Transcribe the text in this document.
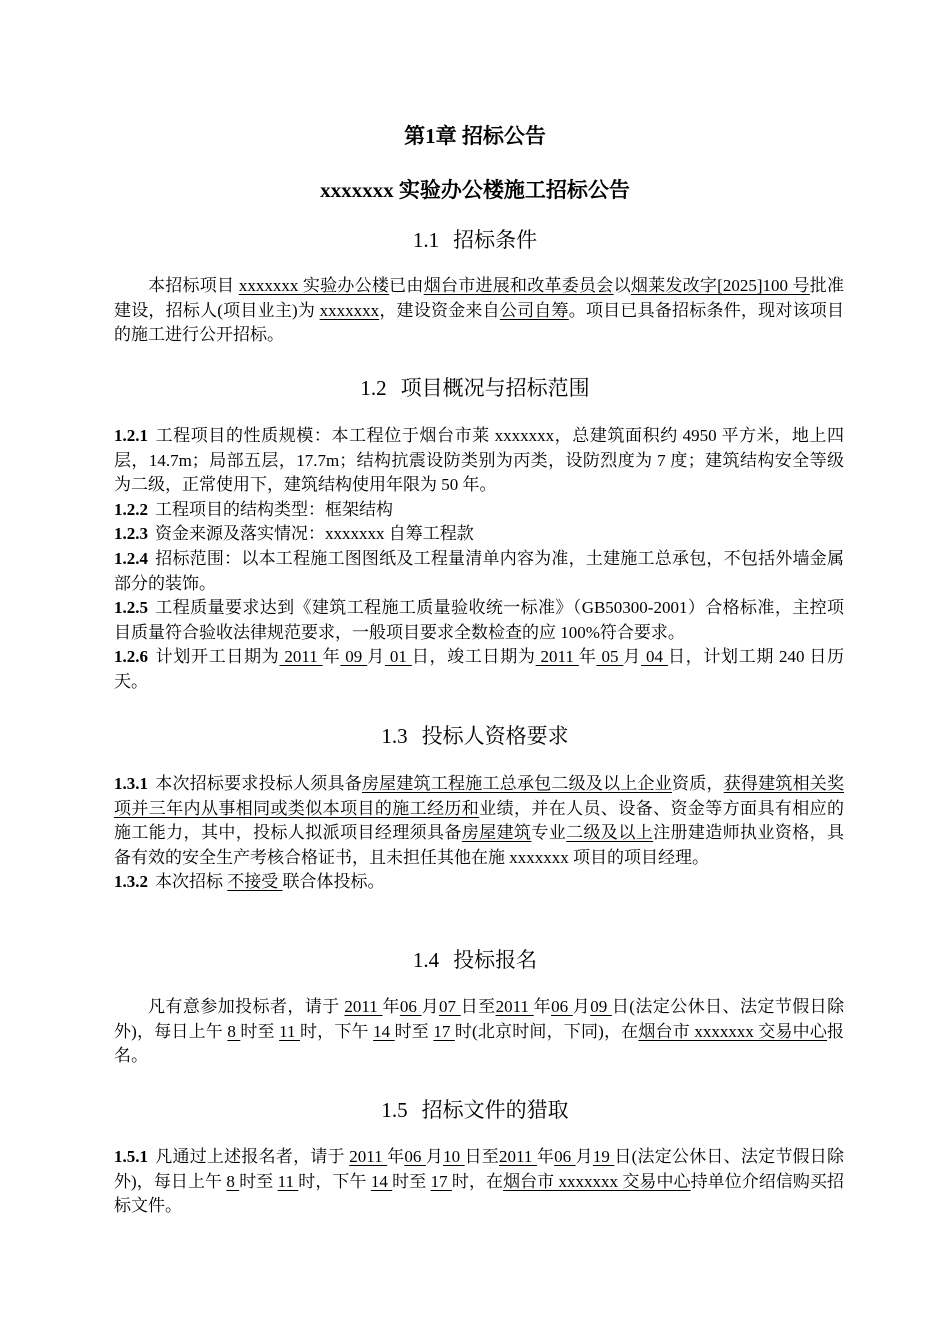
第1章 招标公告
xxxxxxx 实验办公楼施工招标公告
1.1 招标条件
本招标项目 xxxxxxx 实验办公楼已由烟台市进展和改革委员会以烟莱发改字[2025]100 号批准建设，招标人(项目业主)为 xxxxxxx，建设资金来自公司自筹。项目已具备招标条件，现对该项目的施工进行公开招标。
1.2 项目概况与招标范围
1.2.1 工程项目的性质规模：本工程位于烟台市莱 xxxxxxx，总建筑面积约 4950 平方米，地上四层，14.7m；局部五层，17.7m；结构抗震设防类别为丙类，设防烈度为 7 度；建筑结构安全等级为二级，正常使用下，建筑结构使用年限为 50 年。
1.2.2 工程项目的结构类型：框架结构
1.2.3 资金来源及落实情况：xxxxxxx 自筹工程款
1.2.4 招标范围：以本工程施工图图纸及工程量清单内容为准，土建施工总承包，不包括外墙金属部分的装饰。
1.2.5 工程质量要求达到《建筑工程施工质量验收统一标准》（GB50300-2001）合格标准，主控项目质量符合验收法律规范要求，一般项目要求全数检查的应 100%符合要求。
1.2.6 计划开工日期为 2011 年 09 月 01 日，竣工日期为 2011 年 05 月 04 日，计划工期 240 日历天。
1.3 投标人资格要求
1.3.1 本次招标要求投标人须具备房屋建筑工程施工总承包二级及以上企业资质，获得建筑相关奖项并三年内从事相同或类似本项目的施工经历和业绩，并在人员、设备、资金等方面具有相应的施工能力，其中，投标人拟派项目经理须具备房屋建筑专业二级及以上注册建造师执业资格，具备有效的安全生产考核合格证书，且未担任其他在施 xxxxxxx 项目的项目经理。
1.3.2 本次招标 不接受 联合体投标。
1.4 投标报名
凡有意参加投标者，请于 2011 年06 月07 日至2011 年06 月09 日(法定公休日、法定节假日除外)，每日上午 8 时至 11 时，下午 14 时至 17 时(北京时间，下同)，在烟台市 xxxxxxx 交易中心报名。
1.5 招标文件的猎取
1.5.1 凡通过上述报名者，请于 2011 年06 月10 日至2011 年06 月19 日(法定公休日、法定节假日除外)，每日上午 8 时至 11 时，下午 14 时至 17 时，在烟台市 xxxxxxx 交易中心持单位介绍信购买招标文件。
